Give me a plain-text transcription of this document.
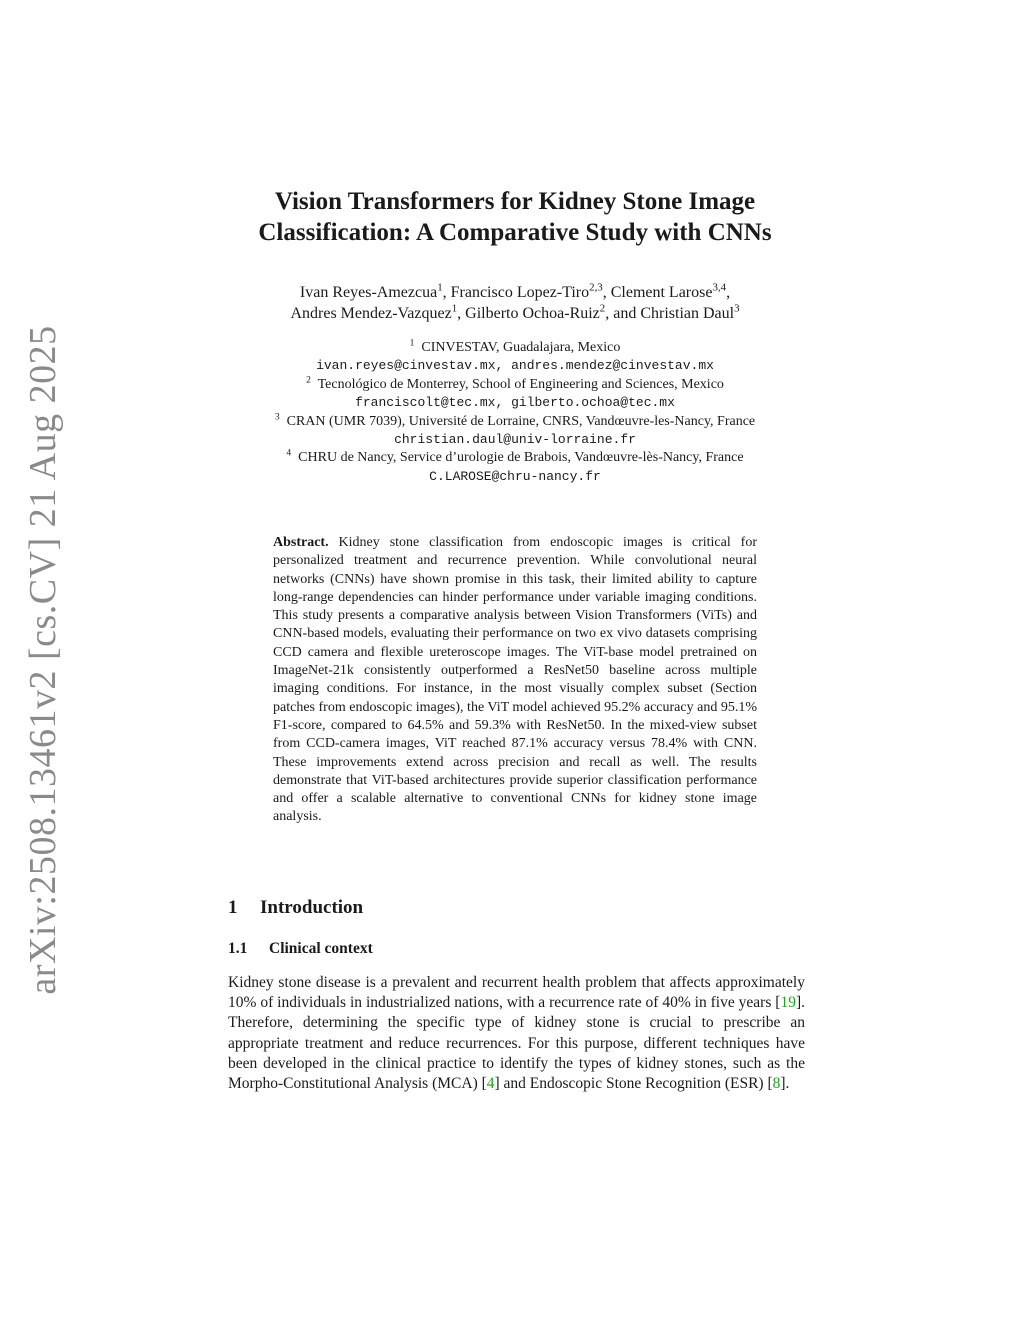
arXiv:2508.13461v2 [cs.CV] 21 Aug 2025
Vision Transformers for Kidney Stone Image
Classification: A Comparative Study with CNNs
Ivan Reyes-Amezcua$^1$, Francisco Lopez-Tiro$^{2,3}$, Clement Larose$^{3,4}$,
Andres Mendez-Vazquez$^1$, Gilberto Ochoa-Ruiz$^2$, and Christian Daul$^3$
$^1$ CINVESTAV, Guadalajara, Mexico
ivan.reyes@cinvestav.mx, andres.mendez@cinvestav.mx
$^2$ Tecnológico de Monterrey, School of Engineering and Sciences, Mexico
franciscolt@tec.mx, gilberto.ochoa@tec.mx
$^3$ CRAN (UMR 7039), Université de Lorraine, CNRS, Vandœuvre-les-Nancy, France
christian.daul@univ-lorraine.fr
$^4$ CHRU de Nancy, Service d’urologie de Brabois, Vandœuvre-lès-Nancy, France
C.LAROSE@chru-nancy.fr
Abstract. Kidney stone classification from endoscopic images is critical for personalized treatment and recurrence prevention. While convolutional neural networks (CNNs) have shown promise in this task, their limited ability to capture long-range dependencies can hinder performance under variable imaging conditions. This study presents a comparative analysis between Vision Transformers (ViTs) and CNN-based models, evaluating their performance on two ex vivo datasets comprising CCD camera and flexible ureteroscope images. The ViT-base model pretrained on ImageNet-21k consistently outperformed a ResNet50 baseline across multiple imaging conditions. For instance, in the most visually complex subset (Section patches from endoscopic images), the ViT model achieved 95.2% accuracy and 95.1% F1-score, compared to 64.5% and 59.3% with ResNet50. In the mixed-view subset from CCD-camera images, ViT reached 87.1% accuracy versus 78.4% with CNN. These improvements extend across precision and recall as well. The results demonstrate that ViT-based architectures provide superior classification performance and offer a scalable alternative to conventional CNNs for kidney stone image analysis.
1 Introduction
1.1 Clinical context
Kidney stone disease is a prevalent and recurrent health problem that affects approximately 10% of individuals in industrialized nations, with a recurrence rate of 40% in five years [19]. Therefore, determining the specific type of kidney stone is crucial to prescribe an appropriate treatment and reduce recurrences. For this purpose, different techniques have been developed in the clinical practice to identify the types of kidney stones, such as the Morpho-Constitutional Analysis (MCA) [4] and Endoscopic Stone Recognition (ESR) [8].
